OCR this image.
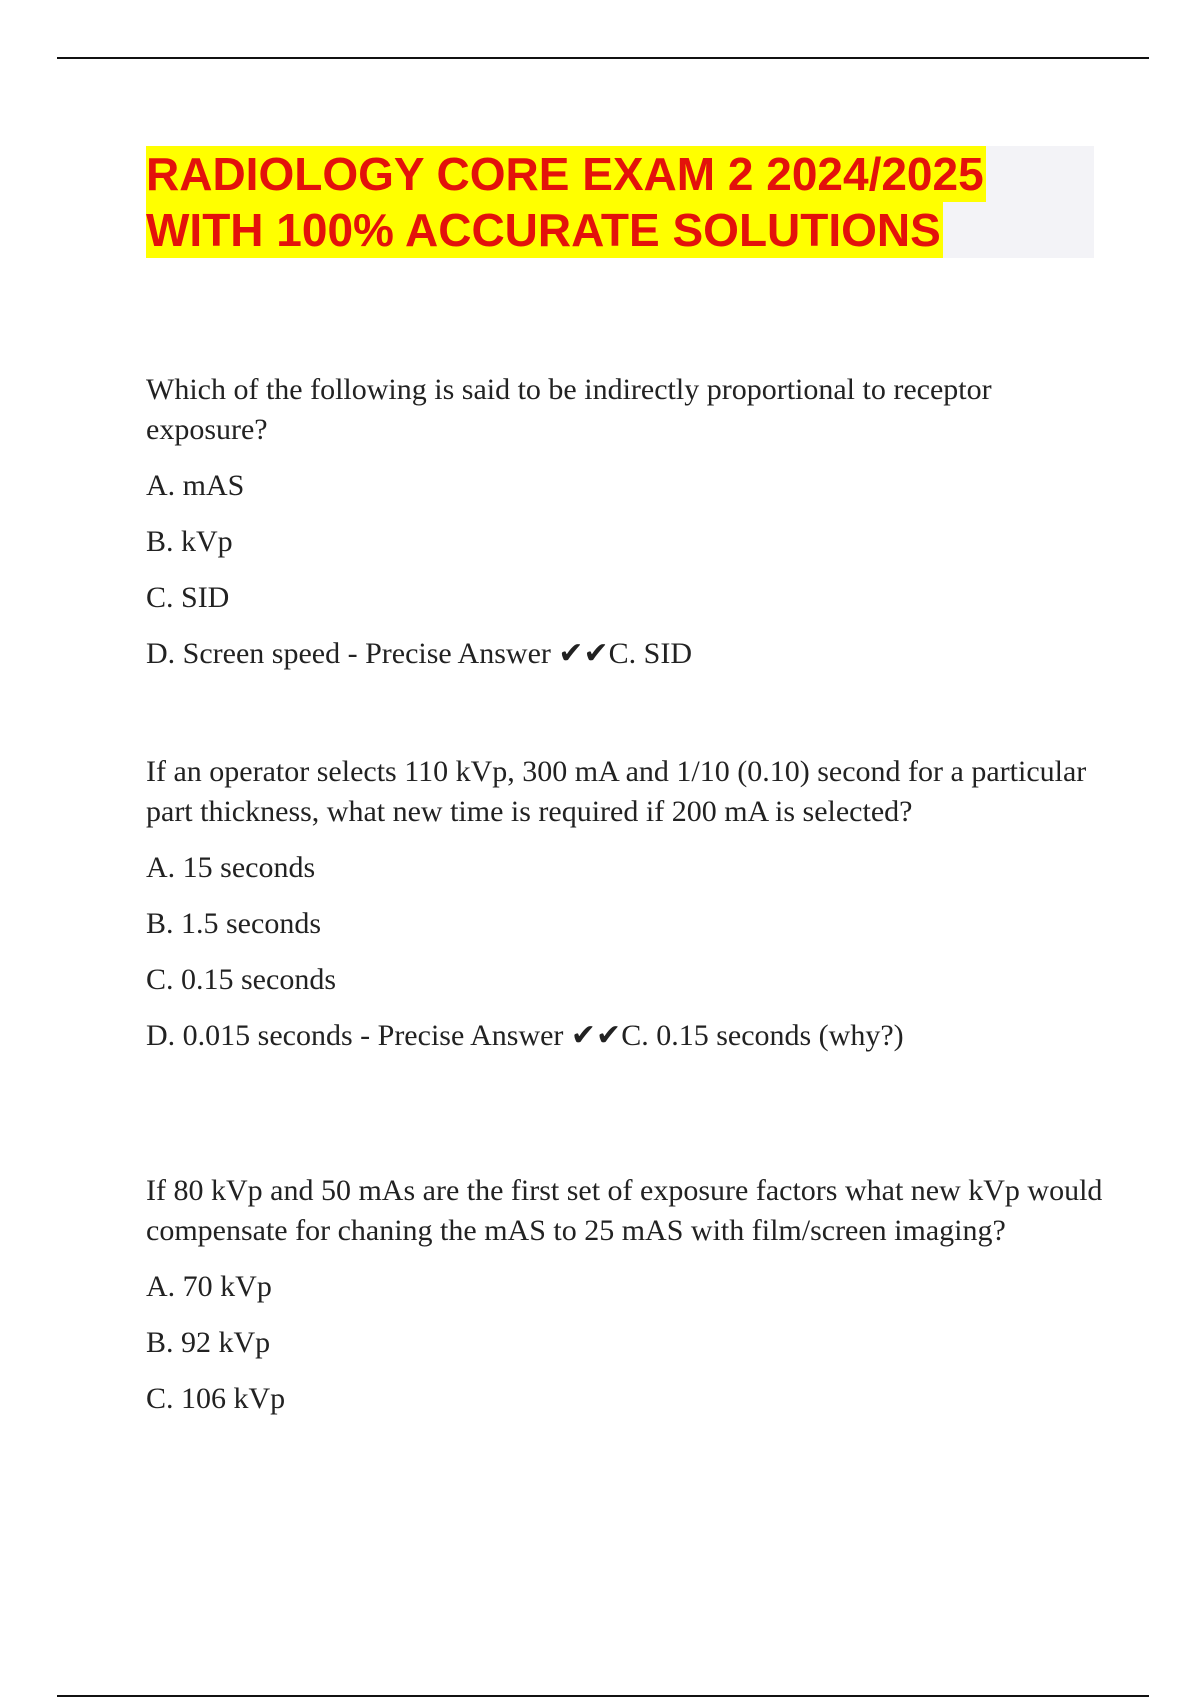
RADIOLOGY CORE EXAM 2 2024/2025
WITH 100% ACCURATE SOLUTIONS

Which of the following is said to be indirectly proportional to receptor exposure?

A. mAS

B. kVp

C. SID

D. Screen speed - Precise Answer ✔✔C. SID

If an operator selects 110 kVp, 300 mA and 1/10 (0.10) second for a particular part thickness, what new time is required if 200 mA is selected?

A. 15 seconds

B. 1.5 seconds

C. 0.15 seconds

D. 0.015 seconds - Precise Answer ✔✔C. 0.15 seconds (why?)

If 80 kVp and 50 mAs are the first set of exposure factors what new kVp would compensate for chaning the mAS to 25 mAS with film/screen imaging?

A. 70 kVp

B. 92 kVp

C. 106 kVp
